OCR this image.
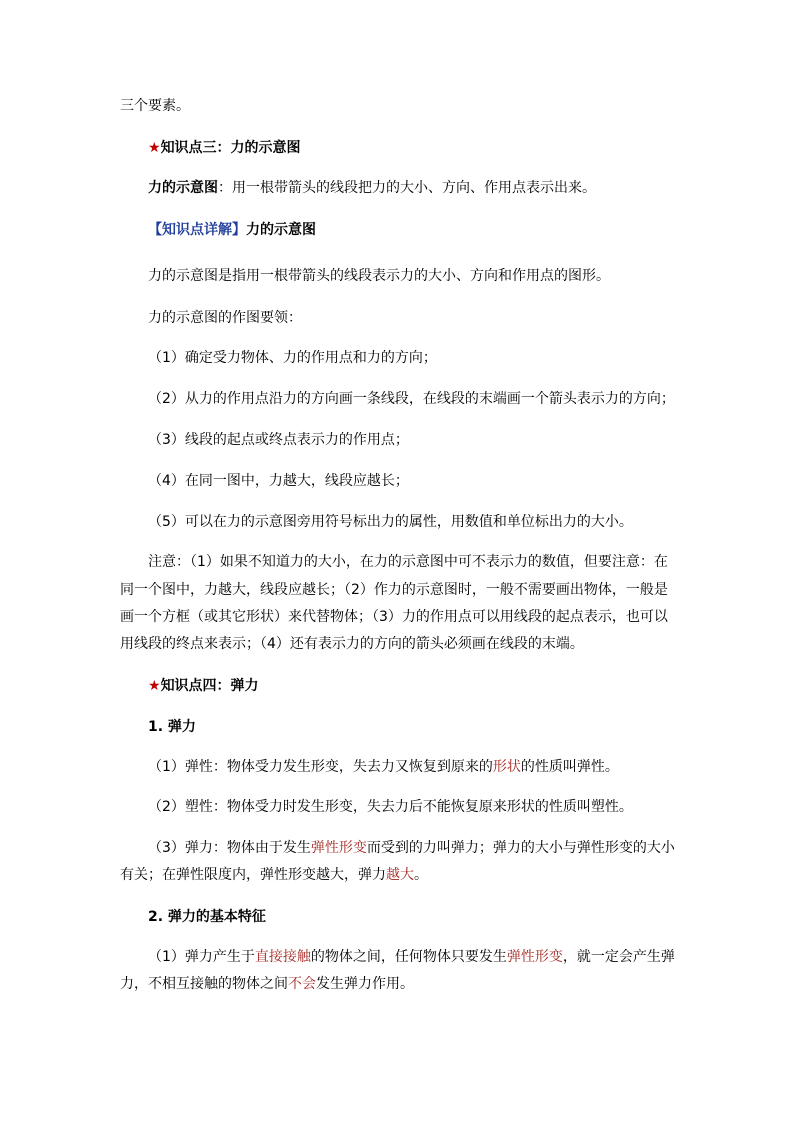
三个要素。
★知识点三：力的示意图
力的示意图：用一根带箭头的线段把力的大小、方向、作用点表示出来。
【知识点详解】力的示意图
力的示意图是指用一根带箭头的线段表示力的大小、方向和作用点的图形。
力的示意图的作图要领：
（1）确定受力物体、力的作用点和力的方向；
（2）从力的作用点沿力的方向画一条线段，在线段的末端画一个箭头表示力的方向；
（3）线段的起点或终点表示力的作用点；
（4）在同一图中，力越大，线段应越长；
（5）可以在力的示意图旁用符号标出力的属性，用数值和单位标出力的大小。
注意：（1）如果不知道力的大小，在力的示意图中可不表示力的数值，但要注意：在
同一个图中，力越大，线段应越长；（2）作力的示意图时，一般不需要画出物体，一般是
画一个方框（或其它形状）来代替物体；（3）力的作用点可以用线段的起点表示，也可以
用线段的终点来表示；（4）还有表示力的方向的箭头必须画在线段的末端。
★知识点四：弹力
1. 弹力
（1）弹性：物体受力发生形变，失去力又恢复到原来的形状的性质叫弹性。
（2）塑性：物体受力时发生形变，失去力后不能恢复原来形状的性质叫塑性。
（3）弹力：物体由于发生弹性形变而受到的力叫弹力；弹力的大小与弹性形变的大小
有关；在弹性限度内，弹性形变越大，弹力越大。
2. 弹力的基本特征
（1）弹力产生于直接接触的物体之间，任何物体只要发生弹性形变，就一定会产生弹
力，不相互接触的物体之间不会发生弹力作用。
